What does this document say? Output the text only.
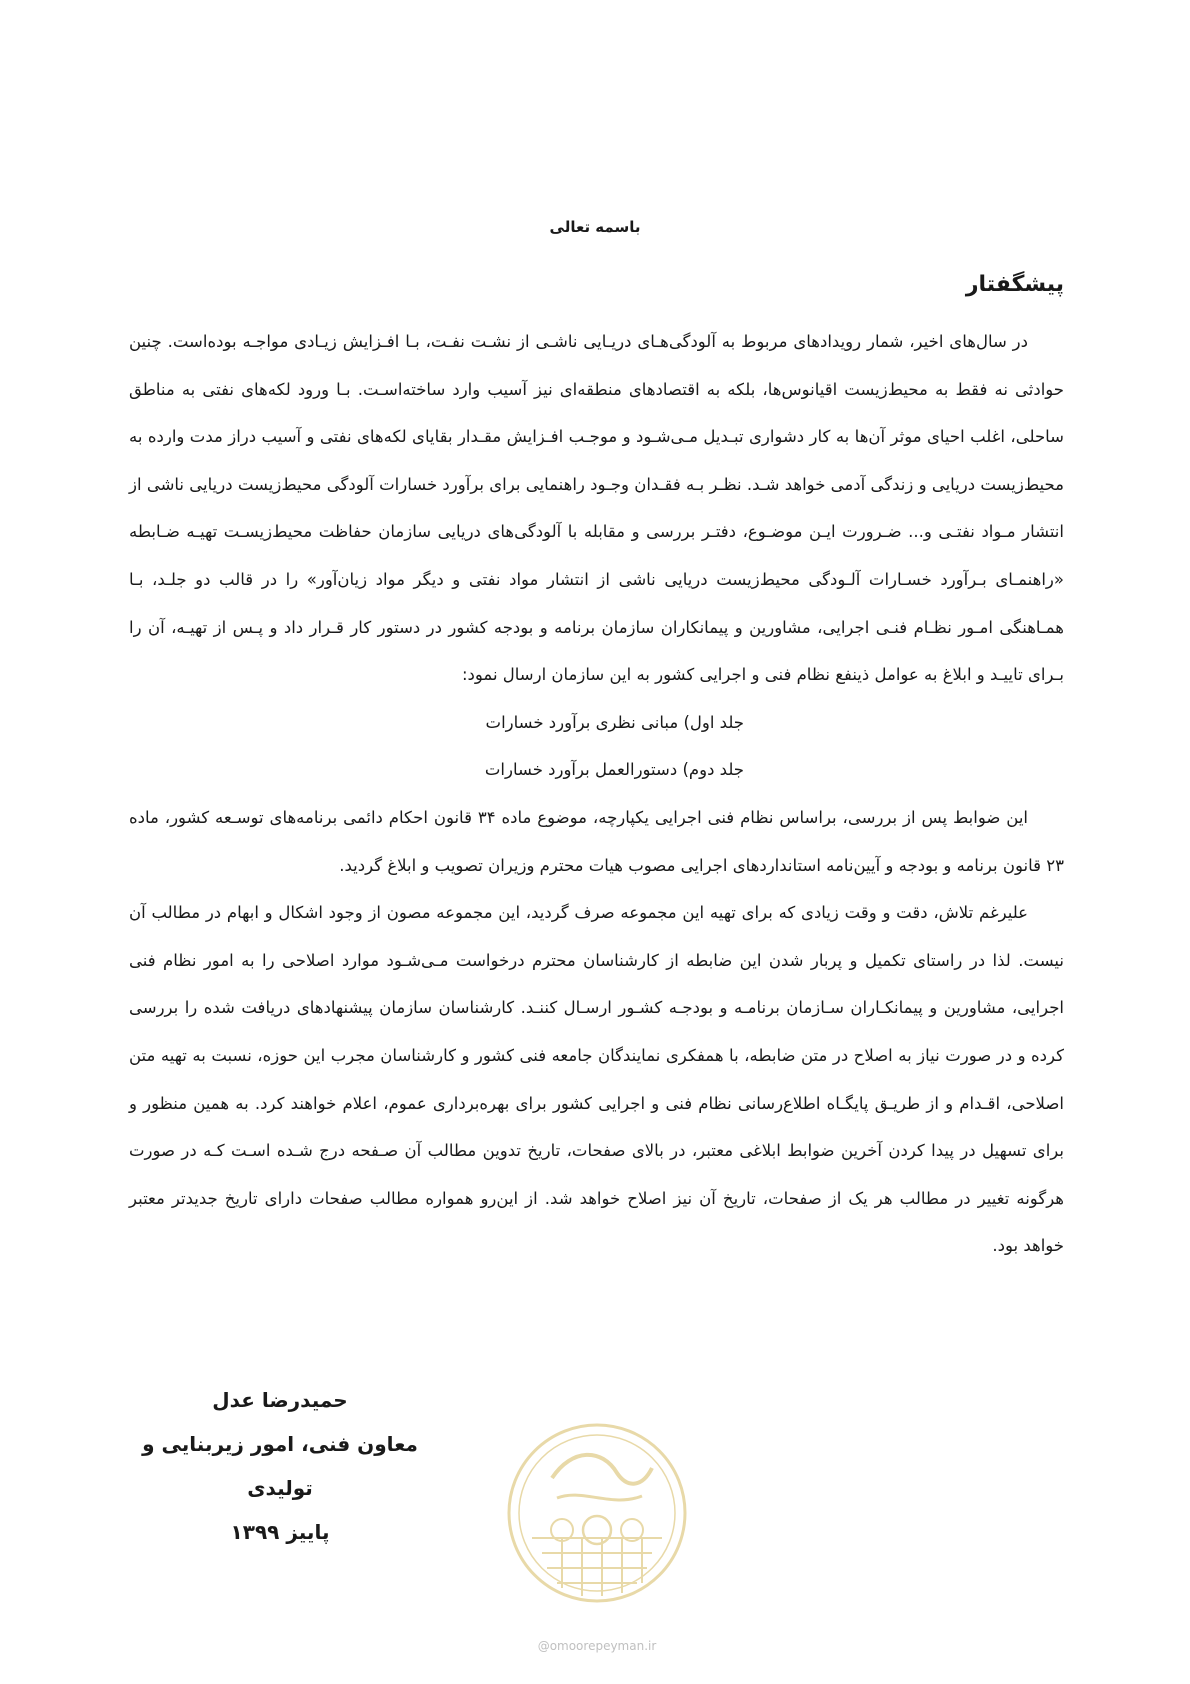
باسمه تعالی
پیشگفتار

در سال‌های اخیر، شمار رویدادهای مربوط به آلودگی‌هـای دریـایی ناشـی از نشـت نفـت، بـا افـزایش زیـادی مواجـه بوده‌است. چنین حوادثی نه فقط به محیط‌زیست اقیانوس‌ها، بلکه به اقتصادهای منطقه‌ای نیز آسیب وارد ساخته‌اسـت. بـا ورود لکه‌های نفتی به مناطق ساحلی، اغلب احیای موثر آن‌ها به کار دشواری تبـدیل مـی‌شـود و موجـب افـزایش مقـدار بقایای لکه‌های نفتی و آسیب دراز مدت وارده به محیط‌زیست دریایی و زندگی آدمی خواهد شـد. نظـر بـه فقـدان وجـود راهنمایی برای برآورد خسارات آلودگی محیط‌زیست دریایی ناشی از انتشار مـواد نفتـی و... ضـرورت ایـن موضـوع، دفتـر بررسی و مقابله با آلودگی‌های دریایی سازمان حفاظت محیط‌زیسـت تهیـه ضـابطه «راهنمـای بـرآورد خسـارات آلـودگی محیط‌زیست دریایی ناشی از انتشار مواد نفتی و دیگر مواد زیان‌آور» را در قالب دو جلـد، بـا همـاهنگی امـور نظـام فنـی اجرایی، مشاورین و پیمانکاران سازمان برنامه و بودجه کشور در دستور کار قـرار داد و پـس از تهیـه، آن را بـرای تاییـد و ابلاغ به عوامل ذینفع نظام فنی و اجرایی کشور به این سازمان ارسال نمود:

جلد اول) مبانی نظری برآورد خسارات

جلد دوم) دستورالعمل برآورد خسارات

این ضوابط پس از بررسی، براساس نظام فنی اجرایی یکپارچه، موضوع ماده ۳۴ قانون احکام دائمی برنامه‌های توسـعه کشور، ماده ۲۳ قانون برنامه و بودجه و آیین‌نامه استانداردهای اجرایی مصوب هیات محترم وزیران تصویب و ابلاغ گردید.

علیرغم تلاش، دقت و وقت زیادی که برای تهیه این مجموعه صرف گردید، این مجموعه مصون از وجود اشکال و ابهام در مطالب آن نیست. لذا در راستای تکمیل و پربار شدن این ضابطه از کارشناسان محترم درخواست مـی‌شـود موارد اصلاحی را به امور نظام فنی اجرایی، مشاورین و پیمانکـاران سـازمان برنامـه و بودجـه کشـور ارسـال کننـد. کارشناسان سازمان پیشنهادهای دریافت شده را بررسی کرده و در صورت نیاز به اصلاح در متن ضابطه، با همفکری نمایندگان جامعه فنی کشور و کارشناسان مجرب این حوزه، نسبت به تهیه متن اصلاحی، اقـدام و از طریـق پایگـاه اطلاع‌رسانی نظام فنی و اجرایی کشور برای بهره‌برداری عموم، اعلام خواهند کرد. به همین منظور و برای تسهیل در پیدا کردن آخرین ضوابط ابلاغی معتبر، در بالای صفحات، تاریخ تدوین مطالب آن صـفحه درج شـده اسـت کـه در صورت هرگونه تغییر در مطالب هر یک از صفحات، تاریخ آن نیز اصلاح خواهد شد. از این‌رو همواره مطالب صفحات دارای تاریخ جدیدتر معتبر خواهد بود.

حمیدرضا عدل
معاون فنی، امور زیربنایی و تولیدی
پاییز ۱۳۹۹
@omoorepeyman.ir
